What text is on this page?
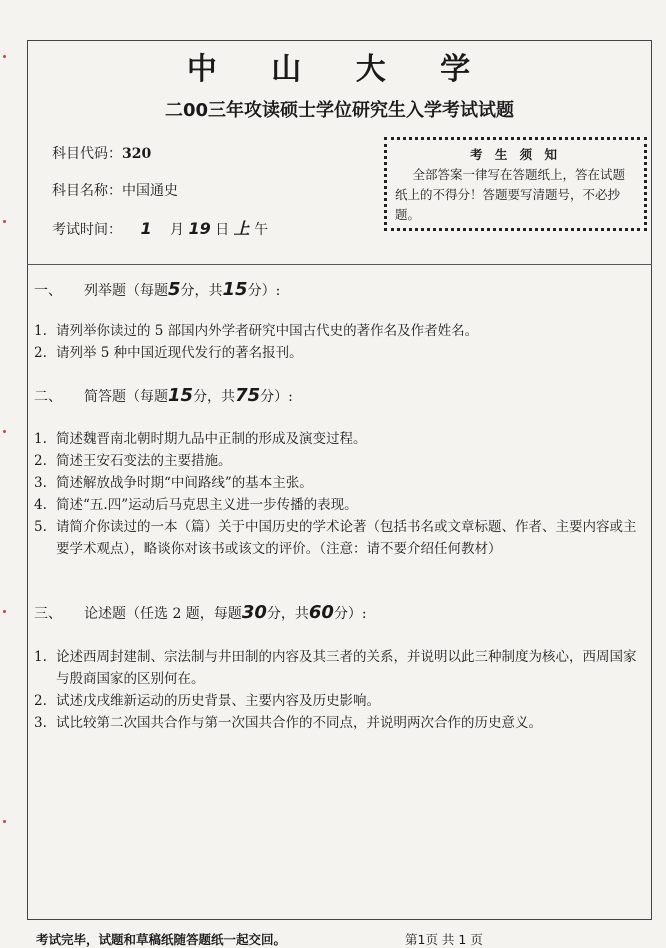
中 山 大 学
二00三年攻读硕士学位研究生入学考试试题
科目代码：320
科目名称：中国通史
考试时间： 1 月 19 日 上 午
考 生 须 知
全部答案一律写在答题纸上，答在试题纸上的不得分！答题要写清题号，不必抄题。
一、 列举题（每题5分，共15分）:
1. 请列举你读过的 5 部国内外学者研究中国古代史的著作名及作者姓名。
2. 请列举 5 种中国近现代发行的著名报刊。
二、 简答题（每题15分，共75分）:
1. 简述魏晋南北朝时期九品中正制的形成及演变过程。
2. 简述王安石变法的主要措施。
3. 简述解放战争时期“中间路线”的基本主张。
4. 简述“五.四”运动后马克思主义进一步传播的表现。
5. 请简介你读过的一本（篇）关于中国历史的学术论著（包括书名或文章标题、作者、主要内容或主要学术观点），略谈你对该书或该文的评价。（注意：请不要介绍任何教材）
三、 论述题（任选 2 题，每题30分，共60分）:
1. 论述西周封建制、宗法制与井田制的内容及其三者的关系，并说明以此三种制度为核心，西周国家与殷商国家的区别何在。
2. 试述戊戌维新运动的历史背景、主要内容及历史影响。
3. 试比较第二次国共合作与第一次国共合作的不同点，并说明两次合作的历史意义。
考试完毕，试题和草稿纸随答题纸一起交回。	第1页 共 1 页
